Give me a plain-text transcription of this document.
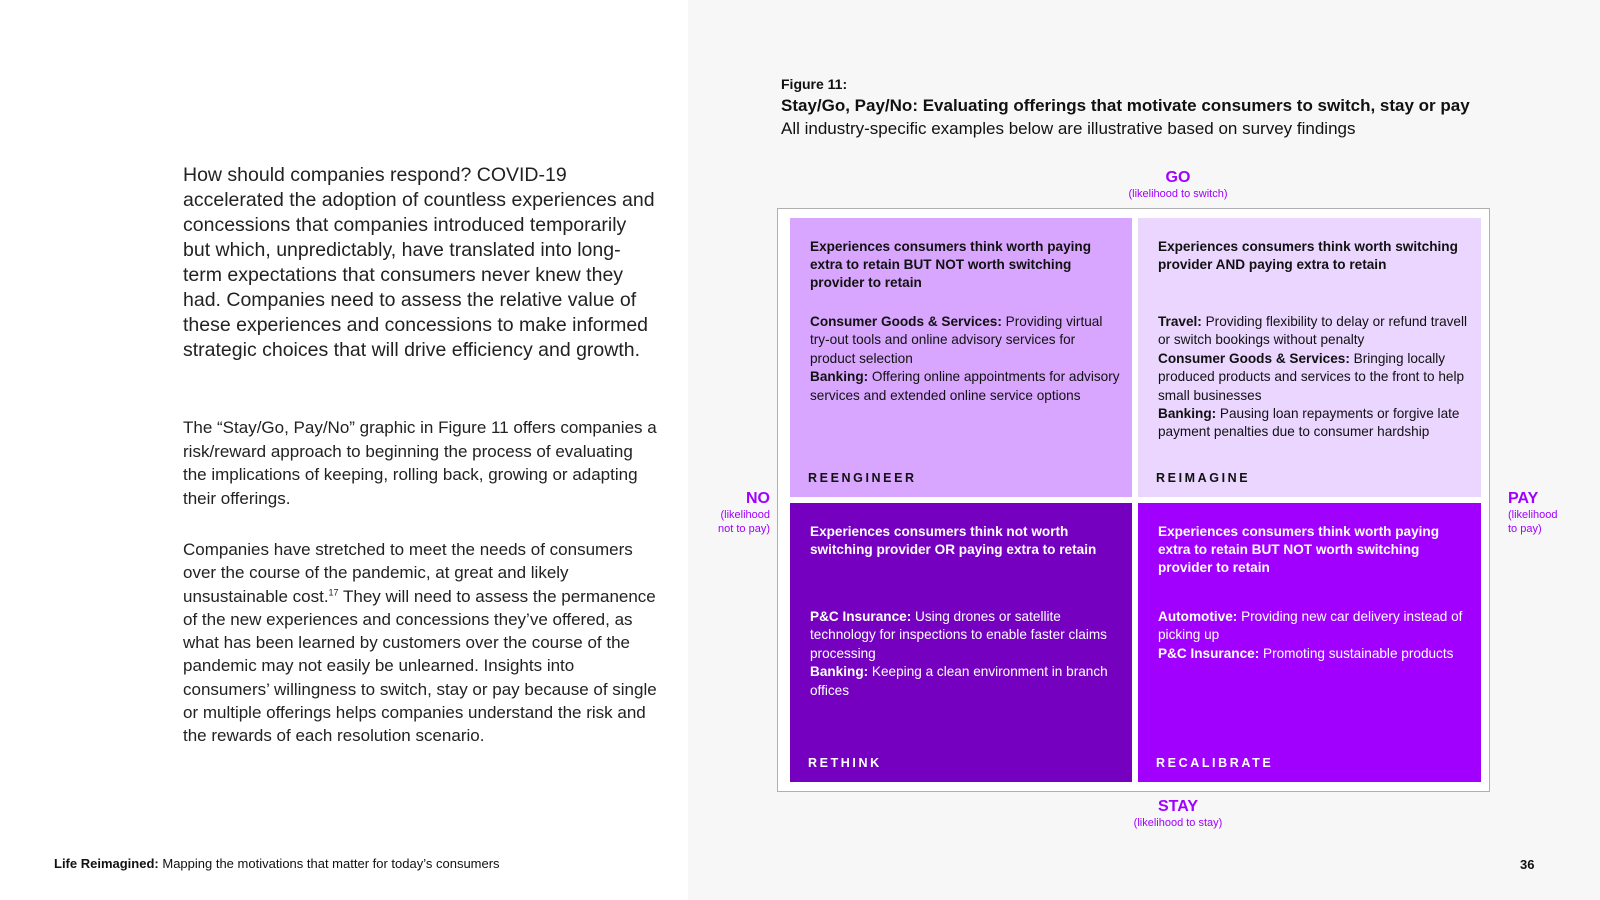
How should companies respond? COVID-19 accelerated the adoption of countless experiences and concessions that companies introduced temporarily but which, unpredictably, have translated into long-term expectations that consumers never knew they had. Companies need to assess the relative value of these experiences and concessions to make informed strategic choices that will drive efficiency and growth.
The “Stay/Go, Pay/No” graphic in Figure 11 offers companies a risk/reward approach to beginning the process of evaluating the implications of keeping, rolling back, growing or adapting their offerings.
Companies have stretched to meet the needs of consumers over the course of the pandemic, at great and likely unsustainable cost.$^{17}$ They will need to assess the permanence of the new experiences and concessions they’ve offered, as what has been learned by customers over the course of the pandemic may not easily be unlearned. Insights into consumers’ willingness to switch, stay or pay because of single or multiple offerings helps companies understand the risk and the rewards of each resolution scenario.
Figure 11:
Stay/Go, Pay/No: Evaluating offerings that motivate consumers to switch, stay or pay
All industry-specific examples below are illustrative based on survey findings
GO
(likelihood to switch)
STAY
(likelihood to stay)
NO
(likelihood
not to pay)
PAY
(likelihood
to pay)
Experiences consumers think worth paying extra to retain BUT NOT worth switching provider to retain

Consumer Goods & Services: Providing virtual try-out tools and online advisory services for product selection

Banking: Offering online appointments for advisory services and extended online service options

REENGINEER
Experiences consumers think worth switching provider AND paying extra to retain

Travel: Providing flexibility to delay or refund travell or switch bookings without penalty

Consumer Goods & Services: Bringing locally produced products and services to the front to help small businesses

Banking: Pausing loan repayments or forgive late payment penalties due to consumer hardship

REIMAGINE
Experiences consumers think not worth switching provider OR paying extra to retain

P&C Insurance: Using drones or satellite technology for inspections to enable faster claims processing

Banking: Keeping a clean environment in branch offices

RETHINK
Experiences consumers think worth paying extra to retain BUT NOT worth switching provider to retain

Automotive: Providing new car delivery instead of picking up

P&C Insurance: Promoting sustainable products

RECALIBRATE
Life Reimagined: Mapping the motivations that matter for today’s consumers	36
